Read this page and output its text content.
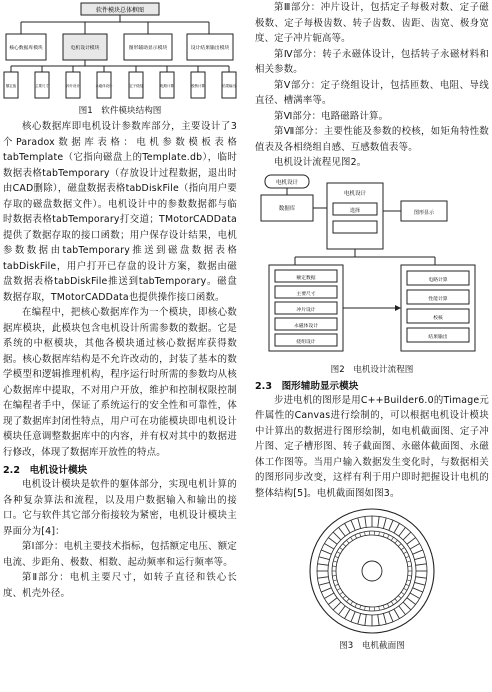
软件模块总体框图
核心数据库模块	电机设计模块	图形辅助显示模块	设计结果输出模块
额定值	主要尺寸	冲片设计	永磁体设计	定子绕组	电路计算	校核计算	结果输出

图1　软件模块结构图

核心数据库即电机设计参数库部分，主要设计了3个Paradox数据库表格：电机参数模板表格tabTemplate（它指向磁盘上的Template.db），临时数据表格tabTemporary（存放设计过程数据，退出时由CAD删除），磁盘数据表格tabDiskFile（指向用户要存取的磁盘数据文件）。电机设计中的参数数据都与临时数据表格tabTemporary打交道；TMotorCADData提供了数据存取的接口函数；用户保存设计结果，电机参数数据由tabTemporary推送到磁盘数据表格tabDiskFile，用户打开已存盘的设计方案，数据由磁盘数据表格tabDiskFile推送到tabTemporary。磁盘数据存取，TMotorCADData也提供操作接口函数。

在编程中，把核心数据库作为一个模块，即核心数据库模块，此模块包含电机设计所需参数的数据。它是系统的中枢模块，其他各模块通过核心数据库获得数据。核心数据库结构是不允许改动的，封装了基本的数学模型和逻辑推理机构，程序运行时所需的参数均从核心数据库中提取，不对用户开放，维护和控制权限控制在编程者手中，保证了系统运行的安全性和可靠性，体现了数据库封闭性特点，用户可在功能模块即电机设计模块任意调整数据库中的内容，并有权对其中的数据进行修改，体现了数据库开放性的特点。

2.2　电机设计模块

电机设计模块是软件的躯体部分，实现电机计算的各种复杂算法和流程，以及用户数据输入和输出的接口。它与软件其它部分衔接较为紧密，电机设计模块主界面分为[4]：

第Ⅰ部分：电机主要技术指标，包括额定电压、额定电流、步距角、极数、相数、起动频率和运行频率等。

第Ⅱ部分：电机主要尺寸，如转子直径和铁心长度、机壳外径。

第Ⅲ部分：冲片设计，包括定子每极对数、定子磁极数、定子每极齿数、转子齿数、齿距、齿宽、极身宽度、定子冲片轭高等。

第Ⅳ部分：转子永磁体设计，包括转子永磁材料和相关参数。

第Ⅴ部分：定子绕组设计，包括匝数、电阻、导线直径、槽满率等。

第Ⅵ部分：电路磁路计算。

第Ⅶ部分：主要性能及参数的校核，如矩角特性数值表及各相绕组自感、互感数值表等。

电机设计流程见图2。

电机设计
数据库
电机设计
选择	图形显示
额定数据
主要尺寸
冲片设计
永磁体设计
绕组设计
电路计算
性能计算
校核
结果输出

图2　电机设计流程图

2.3　图形辅助显示模块

步进电机的图形是用C++Builder6.0的Timage元件属性的Canvas进行绘制的，可以根据电机设计模块中计算出的数据进行图形绘制，如电机截面图、定子冲片图、定子槽形图、转子截面图、永磁体截面图、永磁体工作图等。当用户输入数据发生变化时，与数据相关的图形同步改变，这样有利于用户即时把握设计电机的整体结构[5]。电机截面图如图3。

图3　电机截面图
